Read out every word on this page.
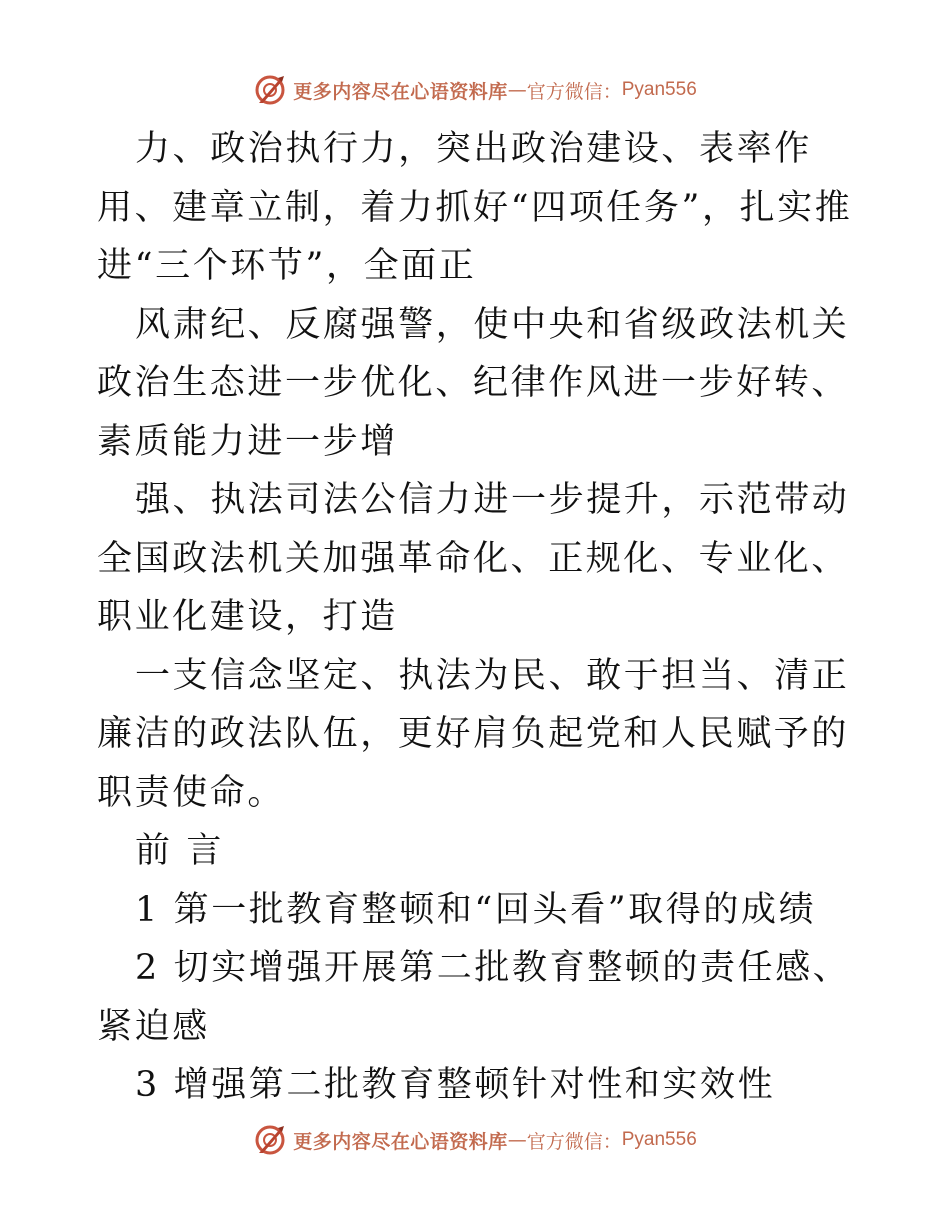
更多内容尽在心语资料库 — 官方微信： Pyan556

力、政治执行力，突出政治建设、表率作用、建章立制，着力抓好“四项任务”，扎实推进“三个环节”，全面正

风肃纪、反腐强警，使中央和省级政法机关政治生态进一步优化、纪律作风进一步好转、素质能力进一步增

强、执法司法公信力进一步提升，示范带动全国政法机关加强革命化、正规化、专业化、职业化建设，打造

一支信念坚定、执法为民、敢于担当、清正廉洁的政法队伍，更好肩负起党和人民赋予的职责使命。

前 言

1 第一批教育整顿和“回头看”取得的成绩

2 切实增强开展第二批教育整顿的责任感、紧迫感

3 增强第二批教育整顿针对性和实效性

更多内容尽在心语资料库 — 官方微信： Pyan556
